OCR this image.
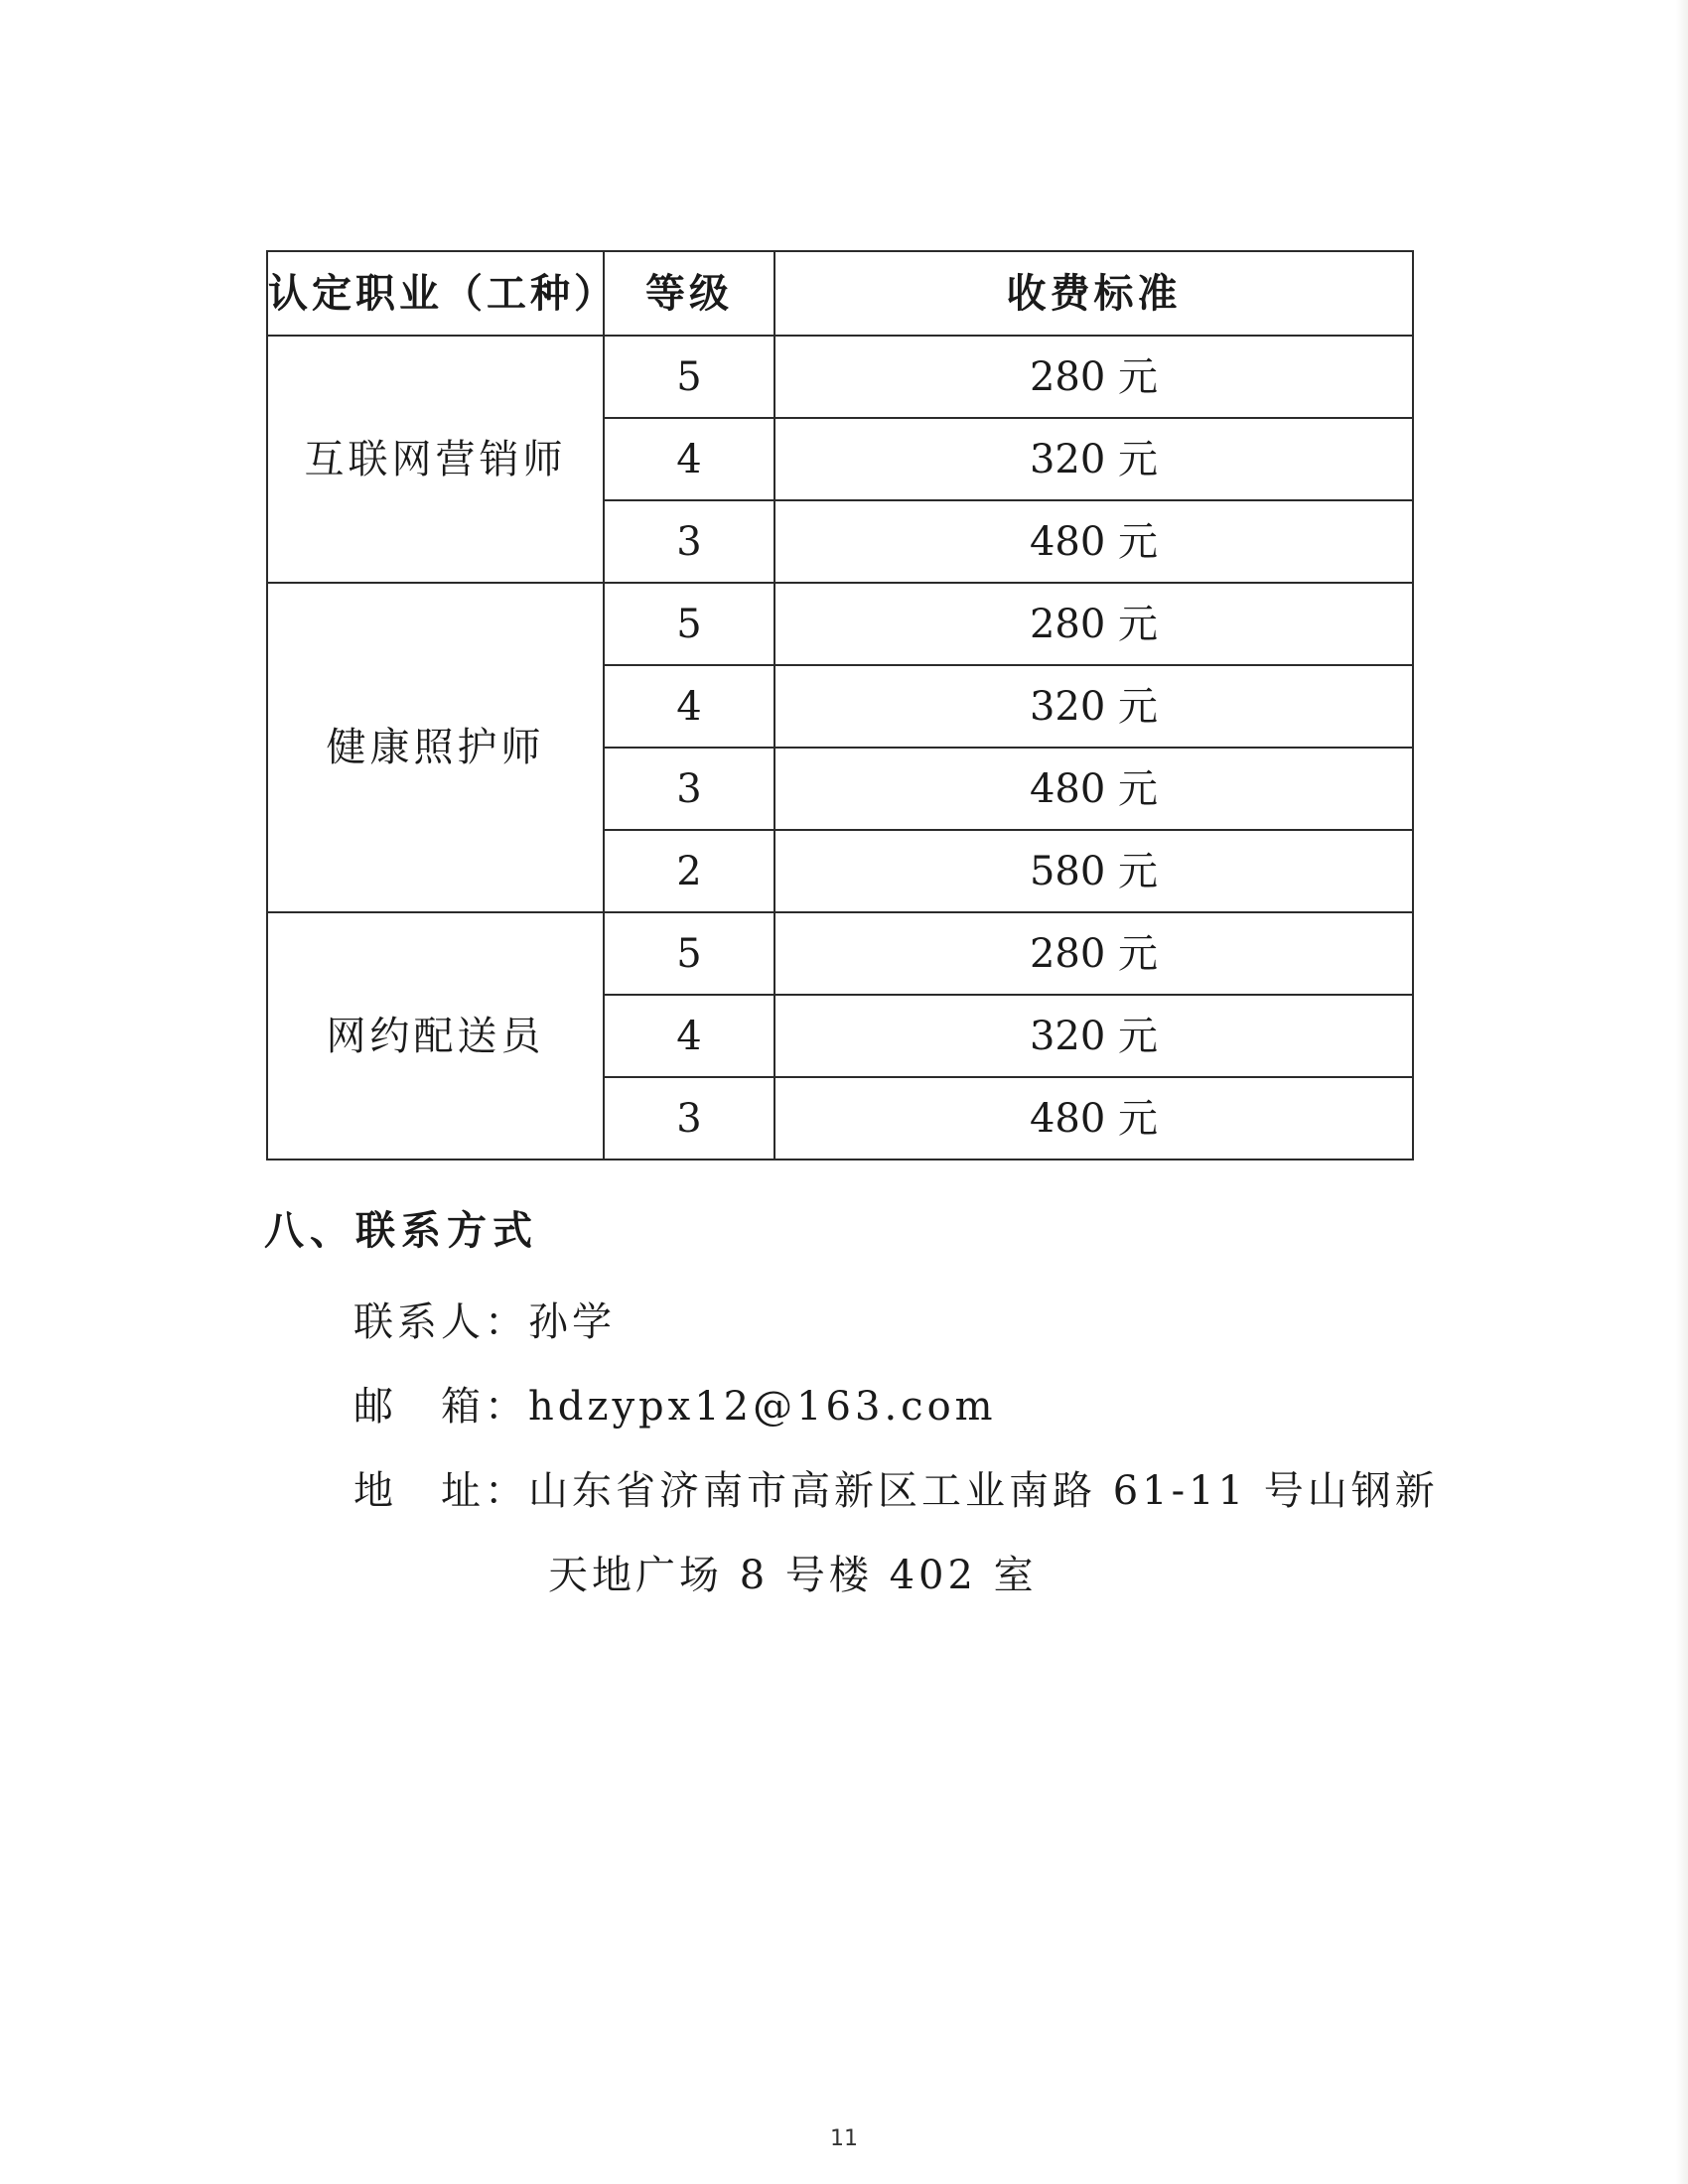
认定职业（工种）	等级	收费标准
互联网营销师	5	280 元
	4	320 元
	3	480 元
健康照护师	5	280 元
	4	320 元
	3	480 元
	2	580 元
网约配送员	5	280 元
	4	320 元
	3	480 元
八、联系方式

联系人：孙学

邮　箱：hdzypx12@163.com

地　址：山东省济南市高新区工业南路 61-11 号山钢新

天地广场 8 号楼 402 室

11
